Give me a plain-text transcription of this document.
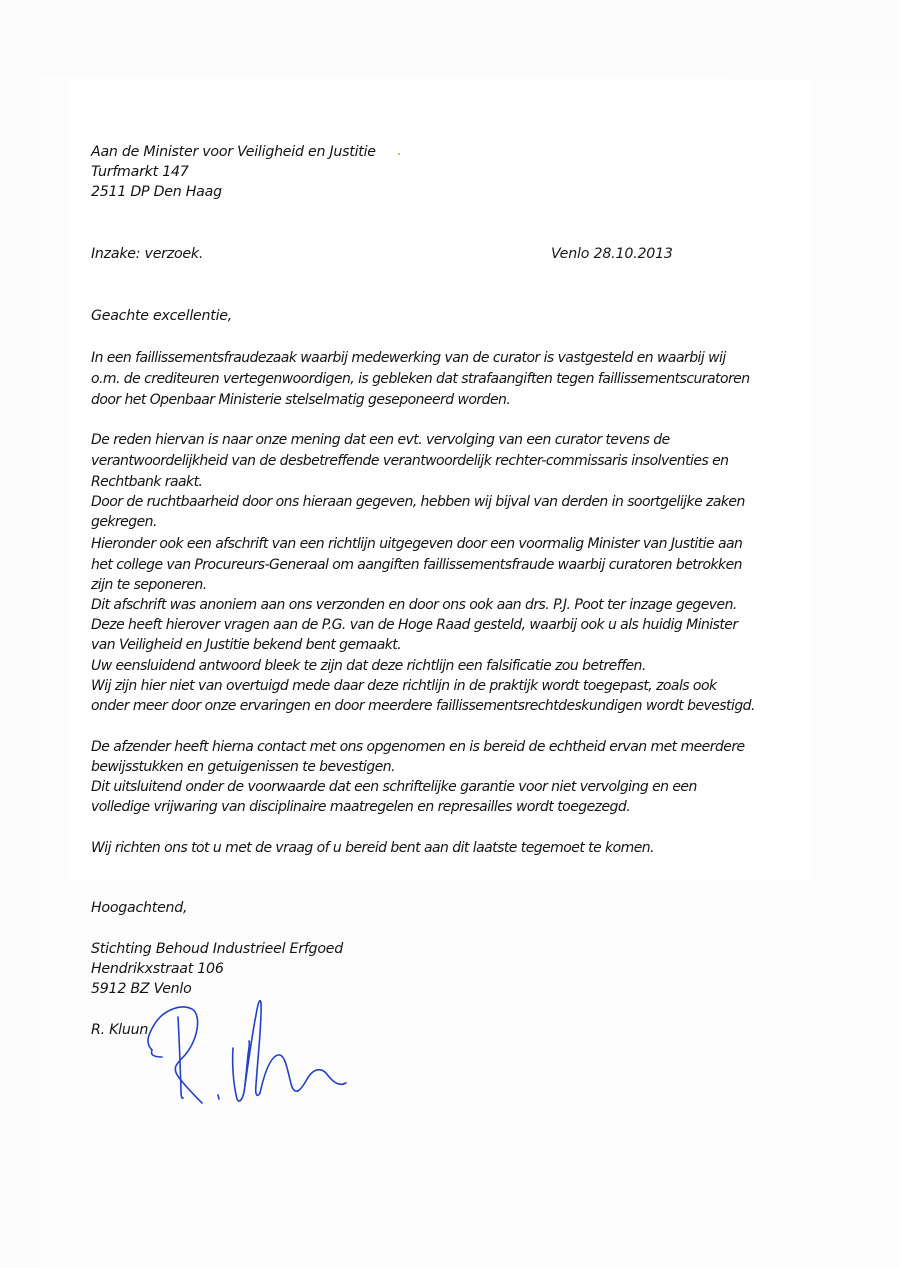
Aan de Minister voor Veiligheid en Justitie
Turfmarkt 147
2511 DP Den Haag
Inzake: verzoek.	Venlo 28.10.2013
Geachte excellentie,
In een faillissementsfraudezaak waarbij medewerking van de curator is vastgesteld en waarbij wij
o.m. de crediteuren vertegenwoordigen, is gebleken dat strafaangiften tegen faillissementscuratoren
door het Openbaar Ministerie stelselmatig geseponeerd worden.
De reden hiervan is naar onze mening dat een evt. vervolging van een curator tevens de
verantwoordelijkheid van de desbetreffende verantwoordelijk rechter-commissaris insolventies en
Rechtbank raakt.
Door de ruchtbaarheid door ons hieraan gegeven, hebben wij bijval van derden in soortgelijke zaken
gekregen.
Hieronder ook een afschrift van een richtlijn uitgegeven door een voormalig Minister van Justitie aan
het college van Procureurs-Generaal om aangiften faillissementsfraude waarbij curatoren betrokken
zijn te seponeren.
Dit afschrift was anoniem aan ons verzonden en door ons ook aan drs. P.J. Poot ter inzage gegeven.
Deze heeft hierover vragen aan de P.G. van de Hoge Raad gesteld, waarbij ook u als huidig Minister
van Veiligheid en Justitie bekend bent gemaakt.
Uw eensluidend antwoord bleek te zijn dat deze richtlijn een falsificatie zou betreffen.
Wij zijn hier niet van overtuigd mede daar deze richtlijn in de praktijk wordt toegepast, zoals ook
onder meer door onze ervaringen en door meerdere faillissementsrechtdeskundigen wordt bevestigd.
De afzender heeft hierna contact met ons opgenomen en is bereid de echtheid ervan met meerdere
bewijsstukken en getuigenissen te bevestigen.
Dit uitsluitend onder de voorwaarde dat een schriftelijke garantie voor niet vervolging en een
volledige vrijwaring van disciplinaire maatregelen en represailles wordt toegezegd.
Wij richten ons tot u met de vraag of u bereid bent aan dit laatste tegemoet te komen.
Hoogachtend,
Stichting Behoud Industrieel Erfgoed
Hendrikxstraat 106
5912 BZ Venlo
R. Kluun
